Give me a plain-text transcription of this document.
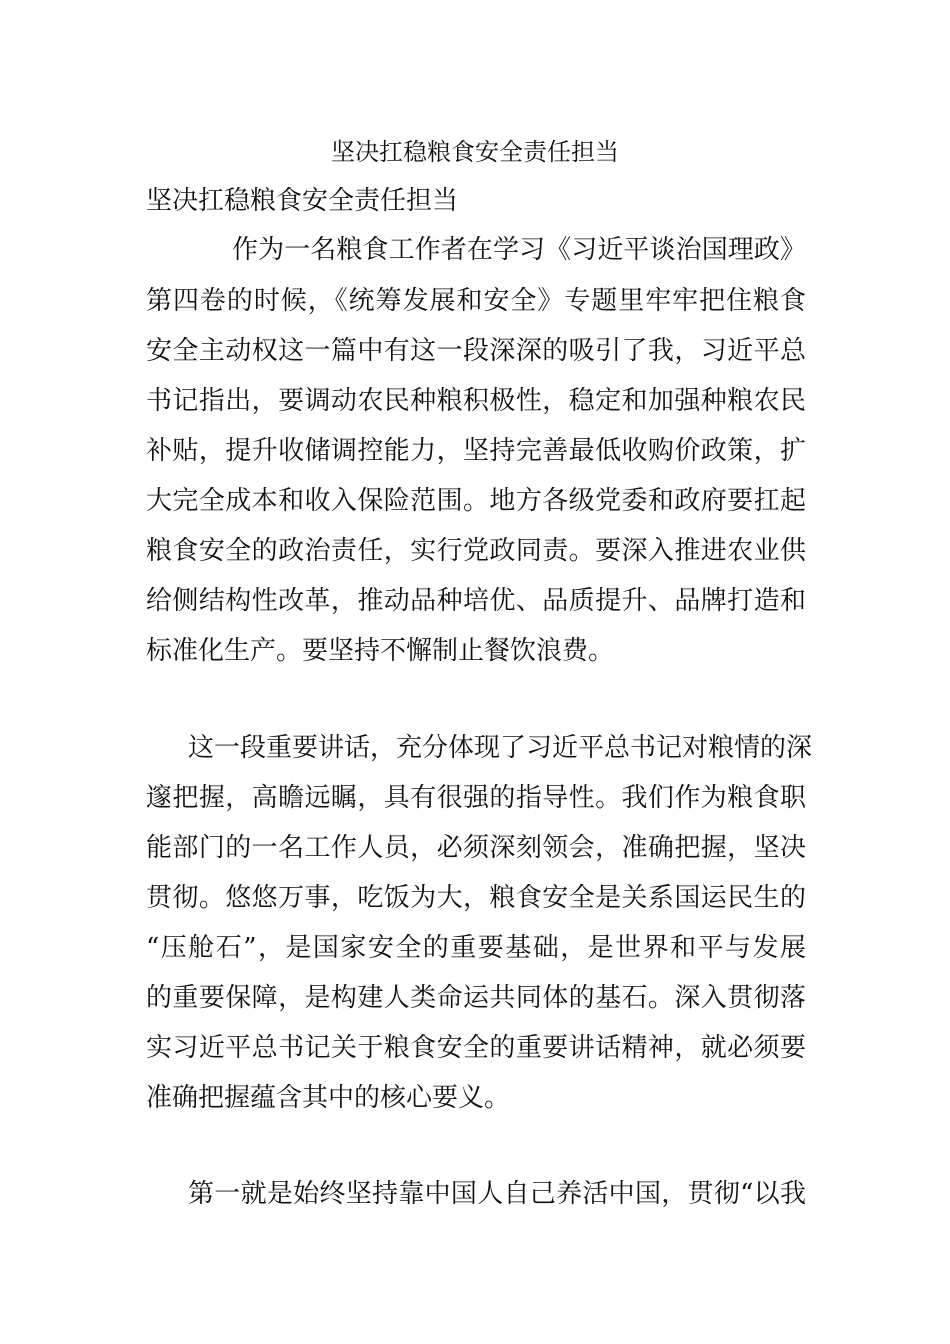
坚决扛稳粮食安全责任担当
坚决扛稳粮食安全责任担当
作为一名粮食工作者在学习《习近平谈治国理政》
第四卷的时候，《统筹发展和安全》专题里牢牢把住粮食
安全主动权这一篇中有这一段深深的吸引了我，习近平总
书记指出，要调动农民种粮积极性，稳定和加强种粮农民
补贴，提升收储调控能力，坚持完善最低收购价政策，扩
大完全成本和收入保险范围。地方各级党委和政府要扛起
粮食安全的政治责任，实行党政同责。要深入推进农业供
给侧结构性改革，推动品种培优、品质提升、品牌打造和
标准化生产。要坚持不懈制止餐饮浪费。
这一段重要讲话，充分体现了习近平总书记对粮情的深
邃把握，高瞻远瞩，具有很强的指导性。我们作为粮食职
能部门的一名工作人员，必须深刻领会，准确把握，坚决
贯彻。悠悠万事，吃饭为大，粮食安全是关系国运民生的
“压舱石”，是国家安全的重要基础，是世界和平与发展
的重要保障，是构建人类命运共同体的基石。深入贯彻落
实习近平总书记关于粮食安全的重要讲话精神，就必须要
准确把握蕴含其中的核心要义。
第一就是始终坚持靠中国人自己养活中国，贯彻“以我
